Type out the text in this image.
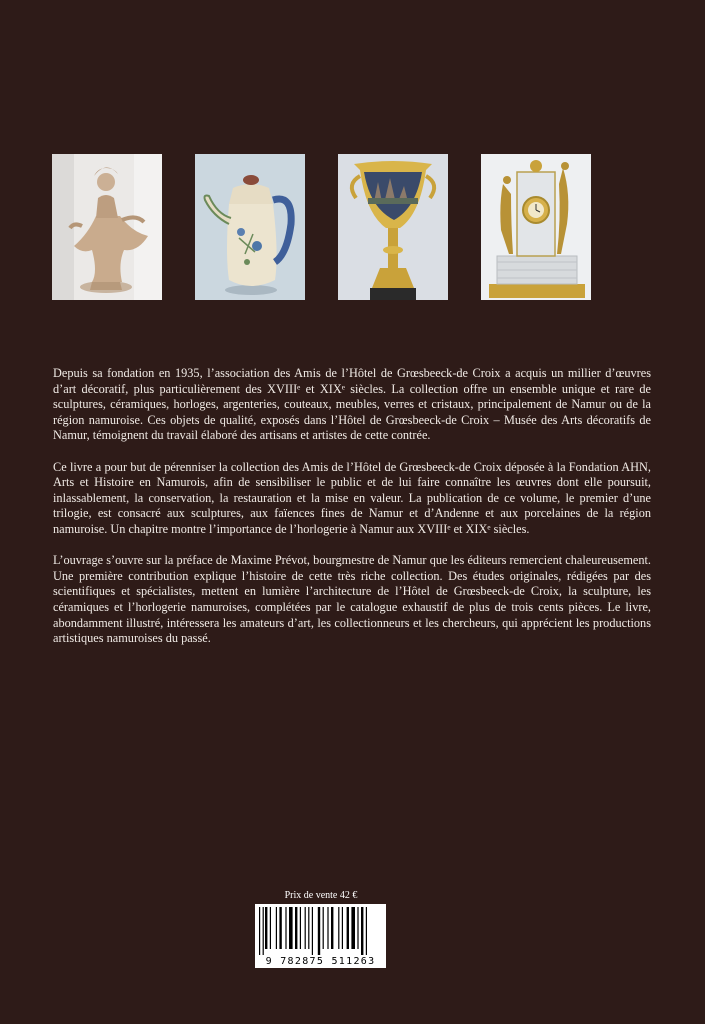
Depuis sa fondation en 1935, l’association des Amis de l’Hôtel de Grœsbeeck-de Croix a acquis un millier d’œuvres d’art décoratif, plus particulièrement des XVIIIᵉ et XIXᵉ siècles. La collection offre un ensemble unique et rare de sculptures, céramiques, horloges, argenteries, couteaux, meubles, verres et cristaux, principalement de Namur ou de la région namuroise. Ces objets de qualité, exposés dans l’Hôtel de Grœsbeeck-de Croix – Musée des Arts décoratifs de Namur, témoignent du travail élaboré des artisans et artistes de cette contrée.

Ce livre a pour but de pérenniser la collection des Amis de l’Hôtel de Grœsbeeck-de Croix déposée à la Fondation AHN, Arts et Histoire en Namurois, afin de sensibiliser le public et de lui faire connaître les œuvres dont elle poursuit, inlassablement, la conservation, la restauration et la mise en valeur. La publication de ce volume, le premier d’une trilogie, est consacré aux sculptures, aux faïences fines de Namur et d’Andenne et aux porcelaines de la région namuroise. Un chapitre montre l’importance de l’horlogerie à Namur aux XVIIIᵉ et XIXᵉ siècles.

L’ouvrage s’ouvre sur la préface de Maxime Prévot, bourgmestre de Namur que les éditeurs remercient chaleureusement. Une première contribution explique l’histoire de cette très riche collection. Des études originales, rédigées par des scientifiques et spécialistes, mettent en lumière l’architecture de l’Hôtel de Grœsbeeck-de Croix, la sculpture, les céramiques et l’horlogerie namuroises, complétées par le catalogue exhaustif de plus de trois cents pièces. Le livre, abondamment illustré, intéressera les amateurs d’art, les collectionneurs et les chercheurs, qui apprécient les productions artistiques namuroises du passé.

Prix de vente 42 €
9 782875 511263
